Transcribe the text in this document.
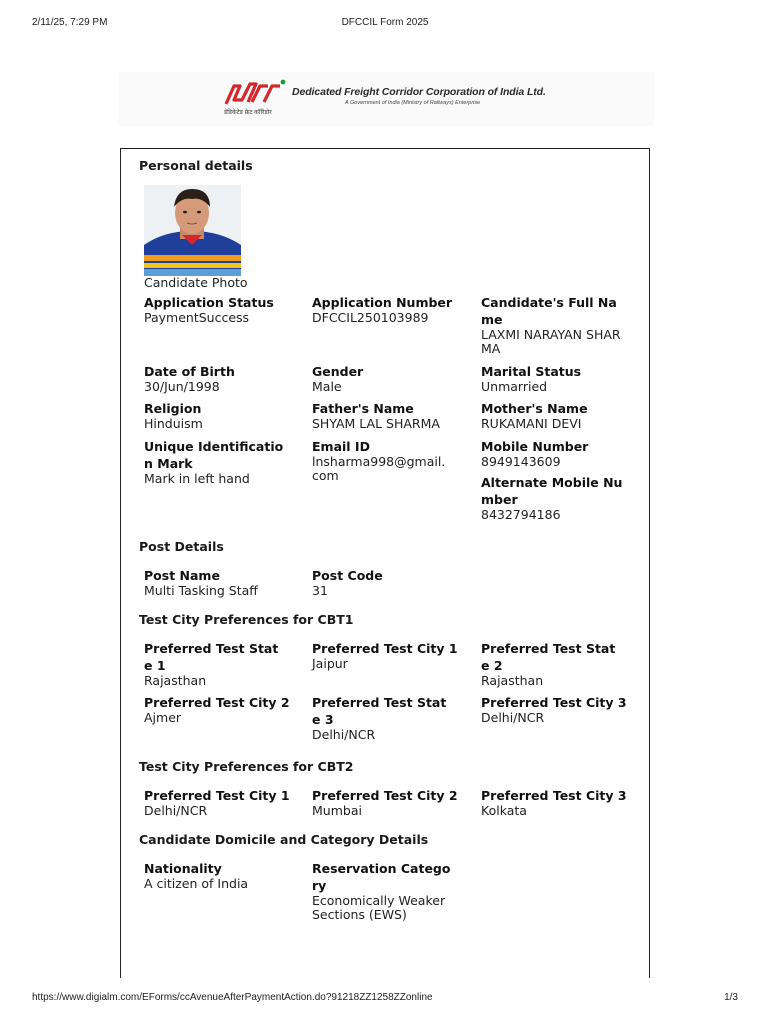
2/11/25, 7:29 PM	DFCCIL Form 2025
डेडिकेटेड फ्रेट कॉरिडोर
Dedicated Freight Corridor Corporation of India Ltd.
A Government of India (Ministry of Railways) Enterprise
Personal details
Candidate Photo
Application Status
PaymentSuccess
Application Number
DFCCIL250103989
Candidate's Full Name
LAXMI NARAYAN SHARMA
Date of Birth
30/Jun/1998
Gender
Male
Marital Status
Unmarried
Religion
Hinduism
Father's Name
SHYAM LAL SHARMA
Mother's Name
RUKAMANI DEVI
Unique Identification Mark
Mark in left hand
Email ID
lnsharma998@gmail.com
Mobile Number
8949143609
Alternate Mobile Number
8432794186
Post Details
Post Name
Multi Tasking Staff
Post Code
31
Test City Preferences for CBT1
Preferred Test State 1
Rajasthan
Preferred Test City 1
Jaipur
Preferred Test State 2
Rajasthan
Preferred Test City 2
Ajmer
Preferred Test State 3
Delhi/NCR
Preferred Test City 3
Delhi/NCR
Test City Preferences for CBT2
Preferred Test City 1
Delhi/NCR
Preferred Test City 2
Mumbai
Preferred Test City 3
Kolkata
Candidate Domicile and Category Details
Nationality
A citizen of India
Reservation Category
Economically Weaker Sections (EWS)
https://www.digialm.com/EForms/ccAvenueAfterPaymentAction.do?91218ZZ1258ZZonline	1/3
